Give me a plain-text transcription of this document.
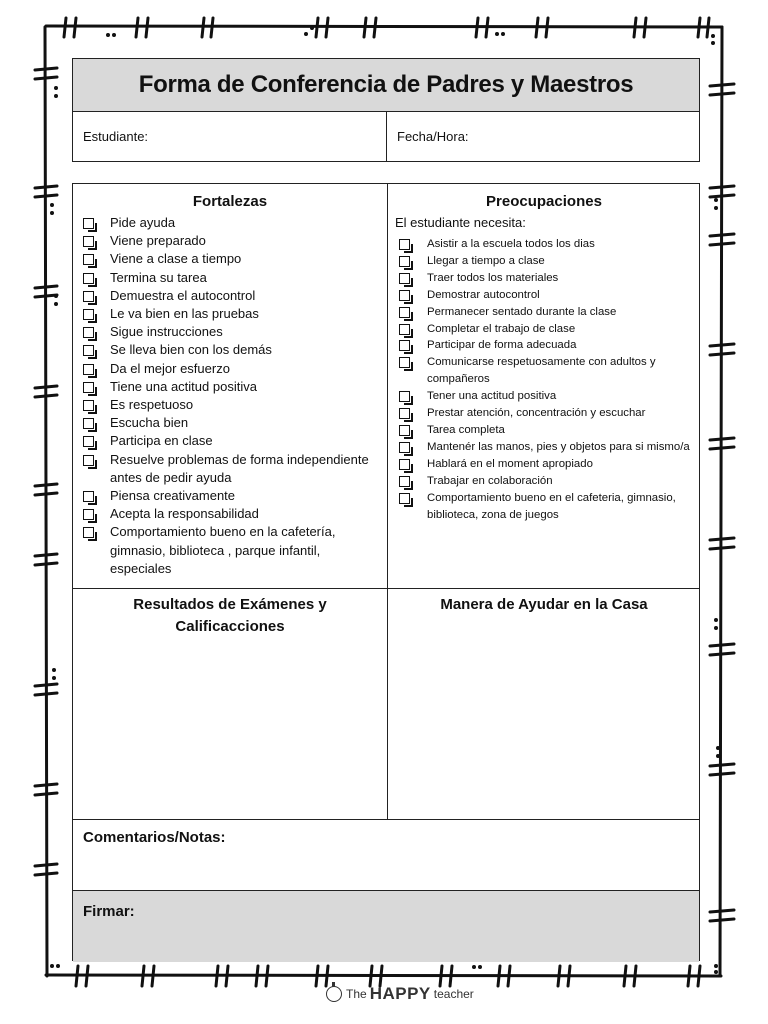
Forma de Conferencia de Padres y Maestros
Estudiante:	Fecha/Hora:
Fortalezas
Pide ayuda
Viene preparado
Viene a clase a tiempo
Termina su tarea
Demuestra el autocontrol
Le va bien en las pruebas
Sigue instrucciones
Se lleva bien con los demás
Da el mejor esfuerzo
Tiene una actitud positiva
Es respetuoso
Escucha bien
Participa en clase
Resuelve problemas de forma independiente antes de pedir ayuda
Piensa creativamente
Acepta la responsabilidad
Comportamiento bueno en la cafetería, gimnasio, biblioteca , parque infantil, especiales
Preocupaciones
El estudiante necesita:
Asistir a la escuela todos los dias
Llegar a tiempo a clase
Traer todos los materiales
Demostrar autocontrol
Permanecer sentado durante la clase
Completar el trabajo de clase
Participar de forma adecuada
Comunicarse respetuosamente con adultos y compañeros
Tener una actitud positiva
Prestar atención, concentración y escuchar
Tarea completa
Mantenér las manos, pies y objetos para si mismo/a
Hablará en el moment apropiado
Trabajar en colaboración
Comportamiento bueno en el cafeteria, gimnasio, biblioteca, zona de juegos
Resultados de Exámenes y
Calificacciones
Manera de Ayudar en la Casa
Comentarios/Notas:
Firmar:
The HAPPY teacher
